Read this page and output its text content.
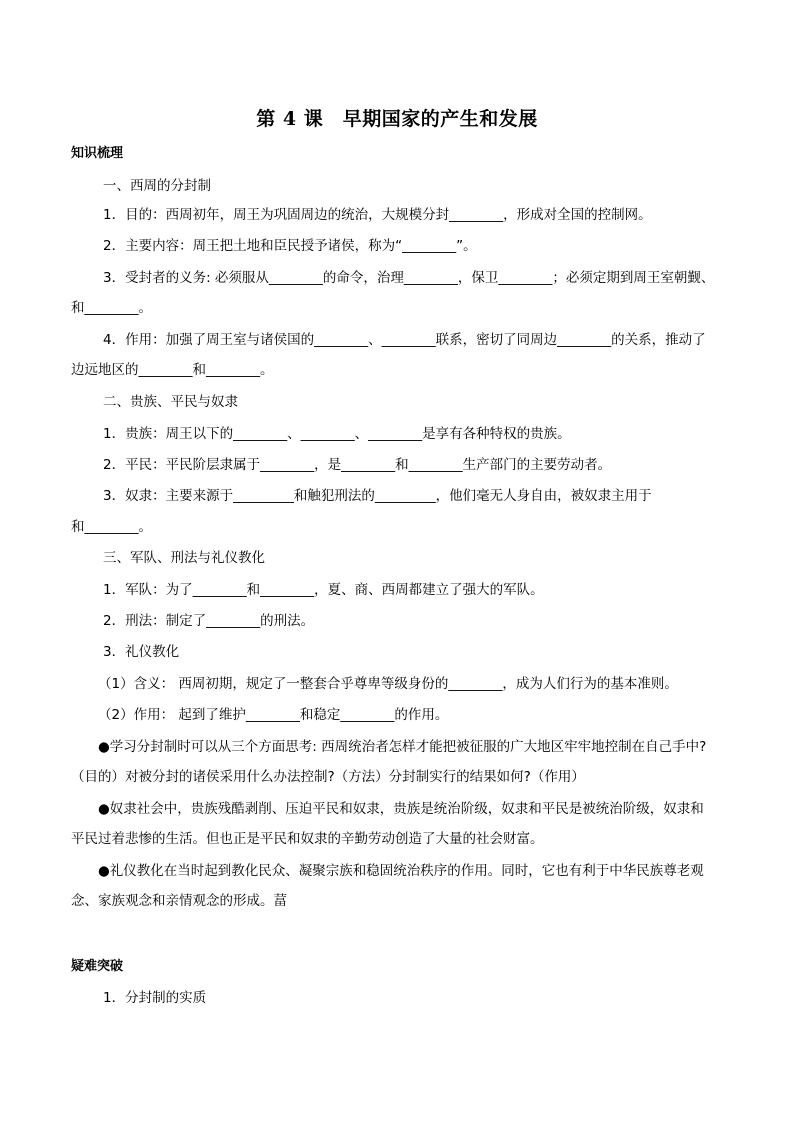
第 4 课　早期国家的产生和发展
知识梳理
一、西周的分封制
1．目的：西周初年，周王为巩固周边的统治，大规模分封________，形成对全国的控制网。
2．主要内容：周王把土地和臣民授予诸侯，称为“________”。
3．受封者的义务: 必须服从________的命令，治理________，保卫________；必须定期到周王室朝觐、
和________。
4．作用：加强了周王室与诸侯国的________、________联系，密切了同周边________的关系，推动了
边远地区的________和________。
二、贵族、平民与奴隶
1．贵族：周王以下的________、________、________是享有各种特权的贵族。
2．平民：平民阶层隶属于________，是________和________生产部门的主要劳动者。
3．奴隶：主要来源于_________和触犯刑法的_________，他们毫无人身自由，被奴隶主用于
和________。
三、军队、刑法与礼仪教化
1．军队：为了________和________，夏、商、西周都建立了强大的军队。
2．刑法：制定了________的刑法。
3．礼仪教化
（1）含义： 西周初期，规定了一整套合乎尊卑等级身份的________，成为人们行为的基本准则。
（2）作用： 起到了维护________和稳定________的作用。
●学习分封制时可以从三个方面思考: 西周统治者怎样才能把被征服的广大地区牢牢地控制在自己手中?
（目的）对被分封的诸侯采用什么办法控制?（方法）分封制实行的结果如何?（作用）
●奴隶社会中，贵族残酷剥削、压迫平民和奴隶，贵族是统治阶级，奴隶和平民是被统治阶级，奴隶和
平民过着悲惨的生活。但也正是平民和奴隶的辛勤劳动创造了大量的社会财富。
●礼仪教化在当时起到教化民众、凝聚宗族和稳固统治秩序的作用。同时，它也有利于中华民族尊老观
念、家族观念和亲情观念的形成。葍
疑难突破
1．分封制的实质
